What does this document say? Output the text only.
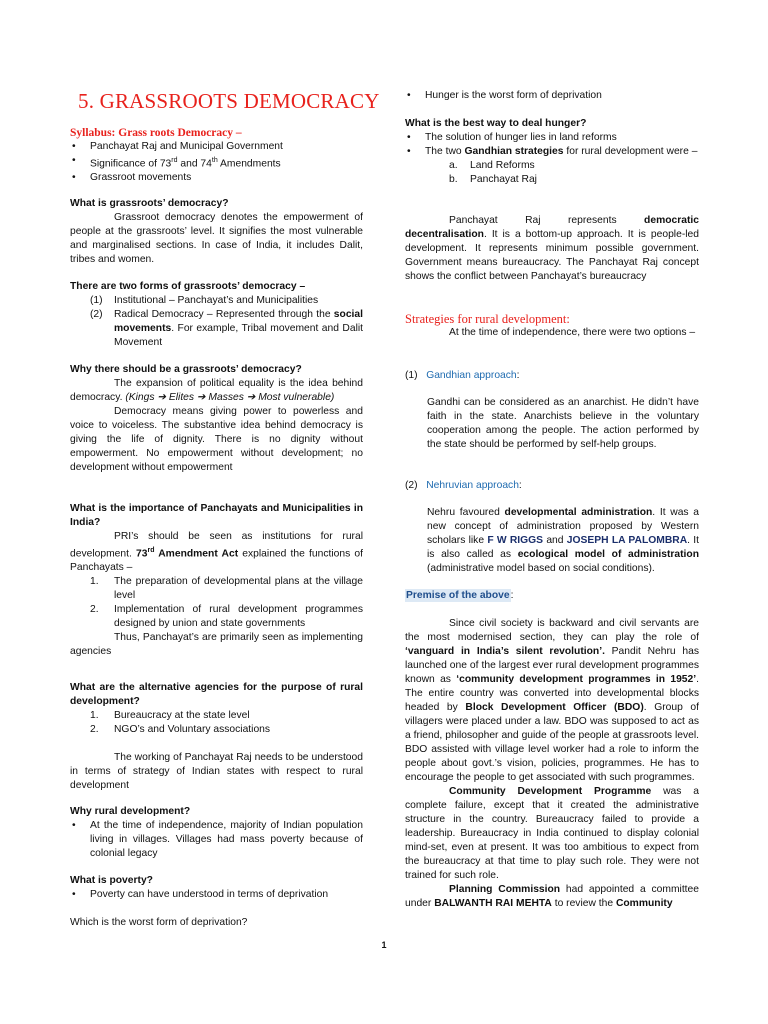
5. GRASSROOTS DEMOCRACY
Syllabus: Grass roots Democracy –
• Panchayat Raj and Municipal Government
• Significance of 73rd and 74th Amendments
• Grassroot movements
What is grassroots’ democracy?
Grassroot democracy denotes the empowerment of people at the grassroots’ level. It signifies the most vulnerable and marginalised sections. In case of India, it includes Dalit, tribes and women.
There are two forms of grassroots’ democracy –
(1) Institutional – Panchayat’s and Municipalities
(2) Radical Democracy – Represented through the social movements. For example, Tribal movement and Dalit Movement
Why there should be a grassroots’ democracy?
The expansion of political equality is the idea behind democracy. (Kings ➔ Elites ➔ Masses ➔ Most vulnerable)
Democracy means giving power to powerless and voice to voiceless. The substantive idea behind democracy is giving the life of dignity. There is no dignity without empowerment. No empowerment without development; no development without empowerment
What is the importance of Panchayats and Municipalities in India?
PRI’s should be seen as institutions for rural development. 73rd Amendment Act explained the functions of Panchayats –
1. The preparation of developmental plans at the village level
2. Implementation of rural development programmes designed by union and state governments
Thus, Panchayat’s are primarily seen as implementing agencies
What are the alternative agencies for the purpose of rural development?
1. Bureaucracy at the state level
2. NGO’s and Voluntary associations
The working of Panchayat Raj needs to be understood in terms of strategy of Indian states with respect to rural development
Why rural development?
• At the time of independence, majority of Indian population living in villages. Villages had mass poverty because of colonial legacy
What is poverty?
• Poverty can have understood in terms of deprivation
Which is the worst form of deprivation?
• Hunger is the worst form of deprivation
What is the best way to deal hunger?
• The solution of hunger lies in land reforms
• The two Gandhian strategies for rural development were –
a. Land Reforms
b. Panchayat Raj
Panchayat Raj represents democratic decentralisation. It is a bottom-up approach. It is people-led development. It represents minimum possible government. Government means bureaucracy. The Panchayat Raj concept shows the conflict between Panchayat’s bureaucracy
Strategies for rural development:
At the time of independence, there were two options –
(1) Gandhian approach:
Gandhi can be considered as an anarchist. He didn’t have faith in the state. Anarchists believe in the voluntary cooperation among the people. The action performed by the state should be performed by self-help groups.
(2) Nehruvian approach:
Nehru favoured developmental administration. It was a new concept of administration proposed by Western scholars like F W RIGGS and JOSEPH LA PALOMBRA. It is also called as ecological model of administration (administrative model based on social conditions).
Premise of the above:
Since civil society is backward and civil servants are the most modernised section, they can play the role of ‘vanguard in India’s silent revolution’. Pandit Nehru has launched one of the largest ever rural development programmes known as ‘community development programmes in 1952’. The entire country was converted into developmental blocks headed by Block Development Officer (BDO). Group of villagers were placed under a law. BDO was supposed to act as a friend, philosopher and guide of the people at grassroots level. BDO assisted with village level worker had a role to inform the people about govt.’s vision, policies, programmes. He has to encourage the people to get associated with such programmes.
Community Development Programme was a complete failure, except that it created the administrative structure in the country. Bureaucracy failed to provide a leadership. Bureaucracy in India continued to display colonial mind-set, even at present. It was too ambitious to expect from the bureaucracy at that time to play such role. They were not trained for such role.
Planning Commission had appointed a committee under BALWANTH RAI MEHTA to review the Community
1
